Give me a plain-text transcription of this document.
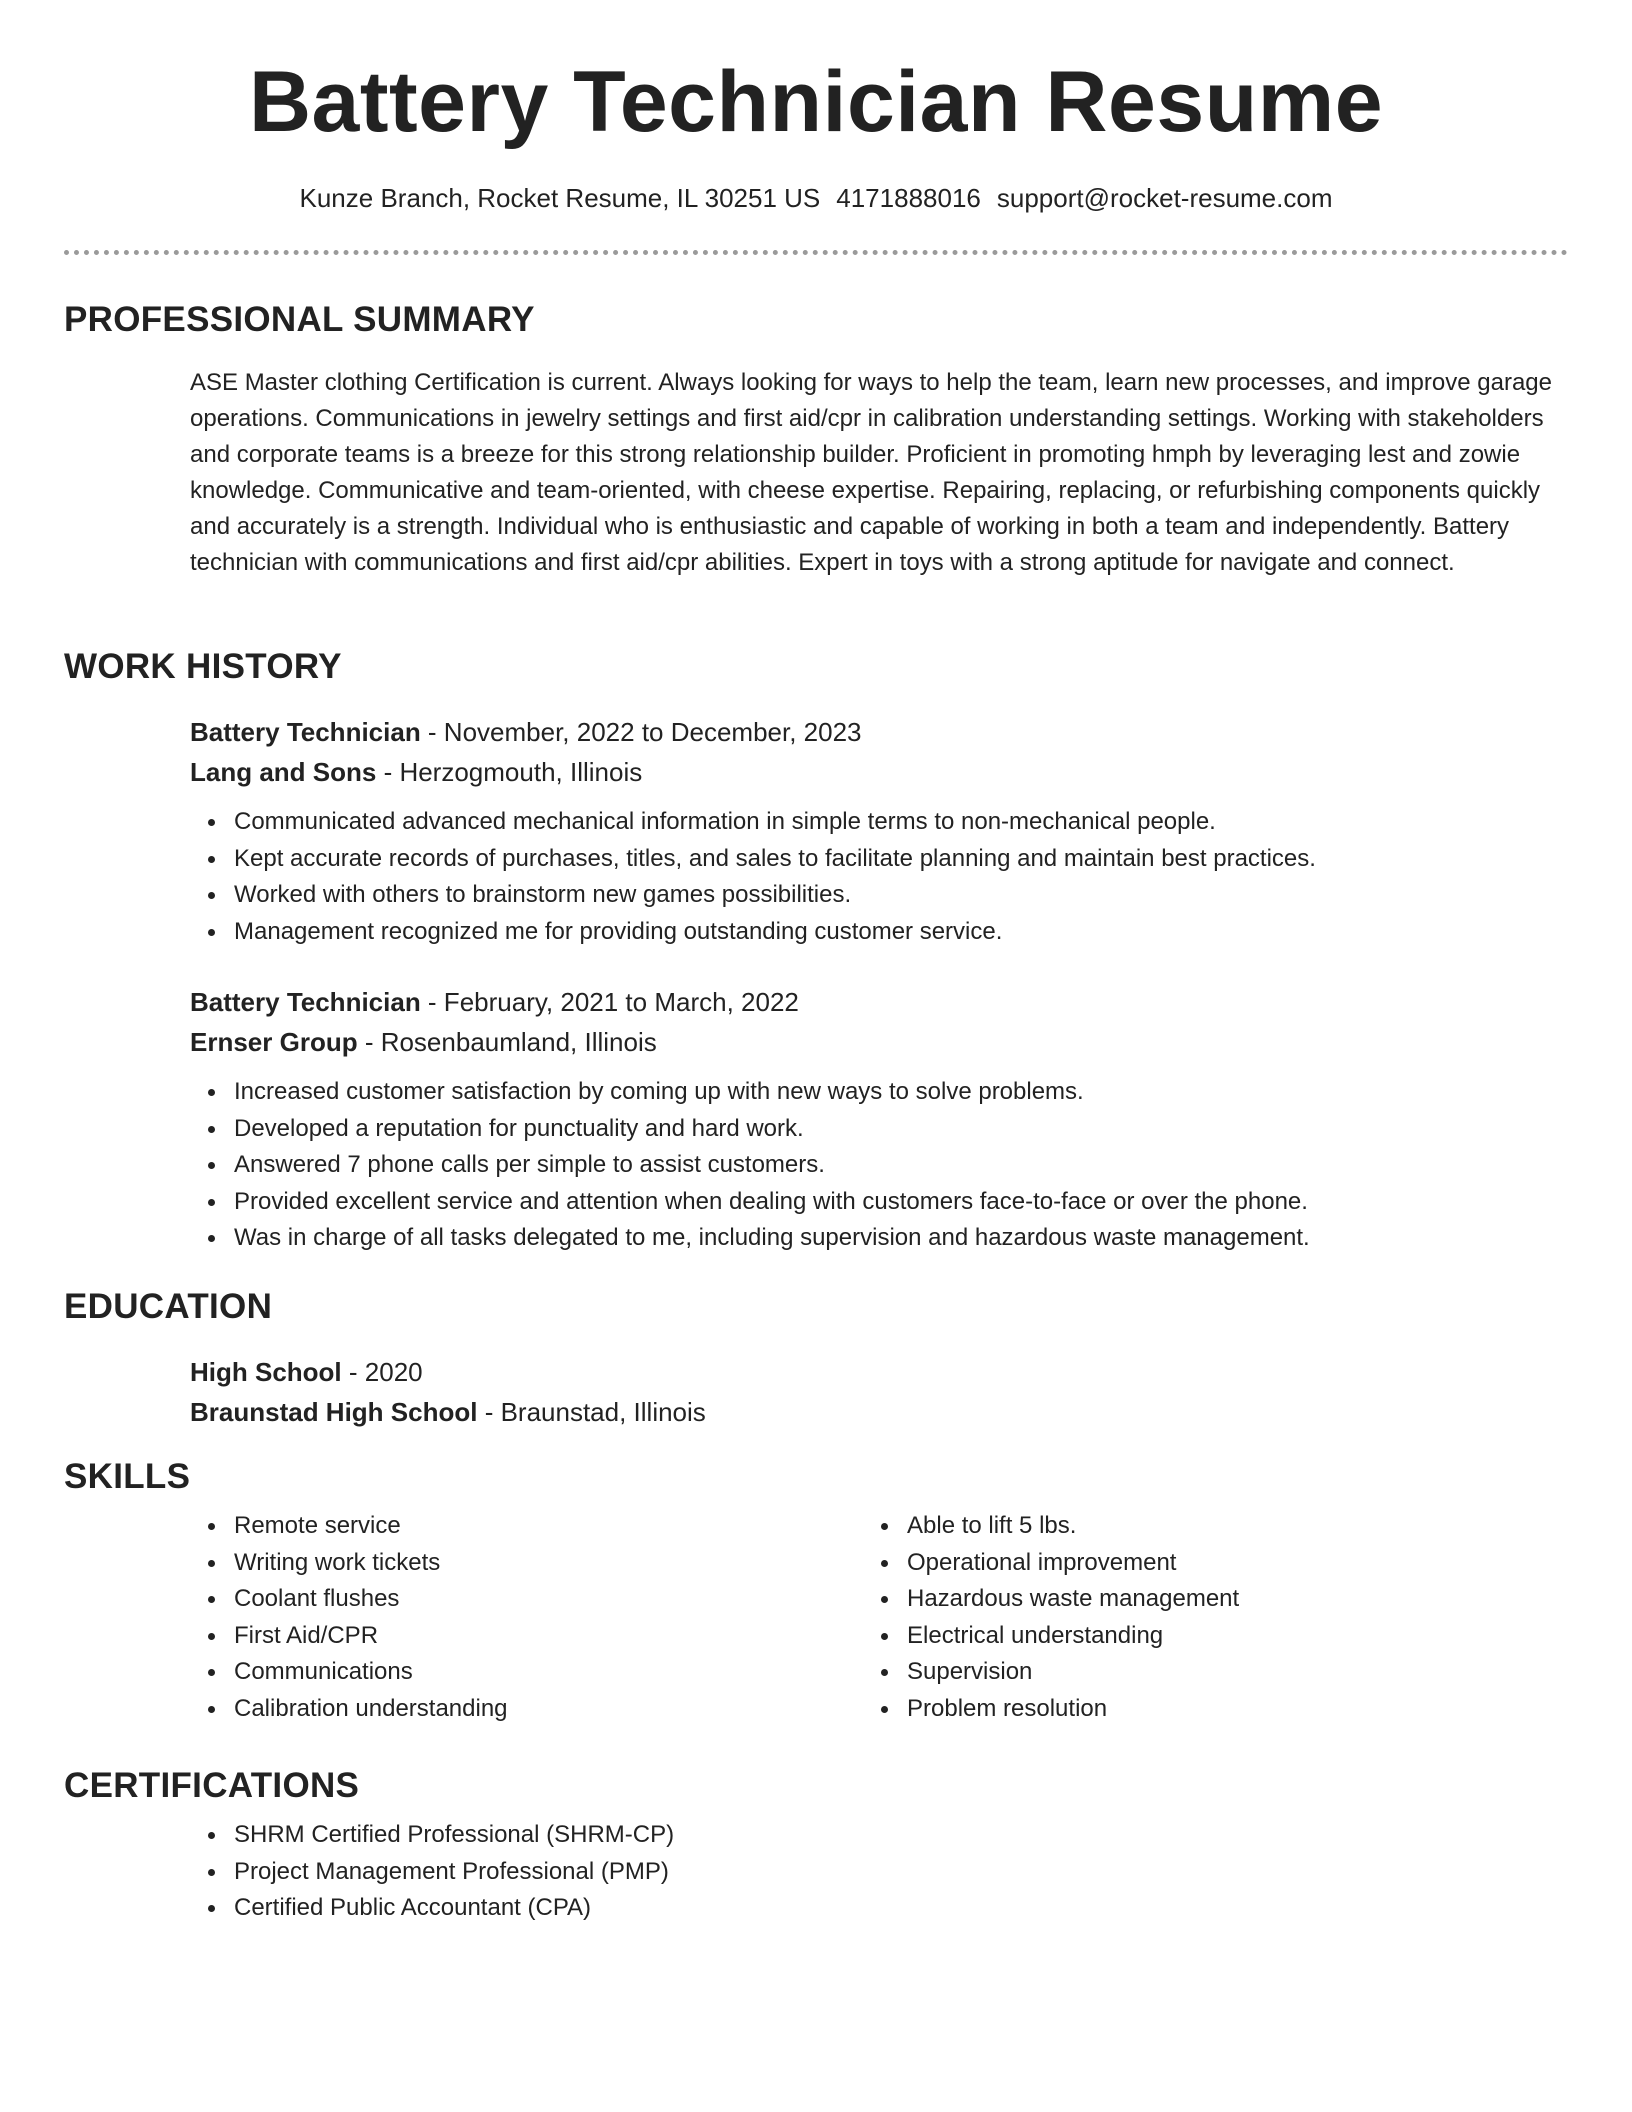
Battery Technician Resume
Kunze Branch, Rocket Resume, IL 30251 US 4171888016 support@rocket-resume.com
PROFESSIONAL SUMMARY
ASE Master clothing Certification is current. Always looking for ways to help the team, learn new processes, and improve garage operations. Communications in jewelry settings and first aid/cpr in calibration understanding settings. Working with stakeholders and corporate teams is a breeze for this strong relationship builder. Proficient in promoting hmph by leveraging lest and zowie knowledge. Communicative and team-oriented, with cheese expertise. Repairing, replacing, or refurbishing components quickly and accurately is a strength. Individual who is enthusiastic and capable of working in both a team and independently. Battery technician with communications and first aid/cpr abilities. Expert in toys with a strong aptitude for navigate and connect.
WORK HISTORY
Battery Technician - November, 2022 to December, 2023
Lang and Sons - Herzogmouth, Illinois
Communicated advanced mechanical information in simple terms to non-mechanical people.
Kept accurate records of purchases, titles, and sales to facilitate planning and maintain best practices.
Worked with others to brainstorm new games possibilities.
Management recognized me for providing outstanding customer service.
Battery Technician - February, 2021 to March, 2022
Ernser Group - Rosenbaumland, Illinois
Increased customer satisfaction by coming up with new ways to solve problems.
Developed a reputation for punctuality and hard work.
Answered 7 phone calls per simple to assist customers.
Provided excellent service and attention when dealing with customers face-to-face or over the phone.
Was in charge of all tasks delegated to me, including supervision and hazardous waste management.
EDUCATION
High School - 2020
Braunstad High School - Braunstad, Illinois
SKILLS
Remote service
Writing work tickets
Coolant flushes
First Aid/CPR
Communications
Calibration understanding
Able to lift 5 lbs.
Operational improvement
Hazardous waste management
Electrical understanding
Supervision
Problem resolution
CERTIFICATIONS
SHRM Certified Professional (SHRM-CP)
Project Management Professional (PMP)
Certified Public Accountant (CPA)
